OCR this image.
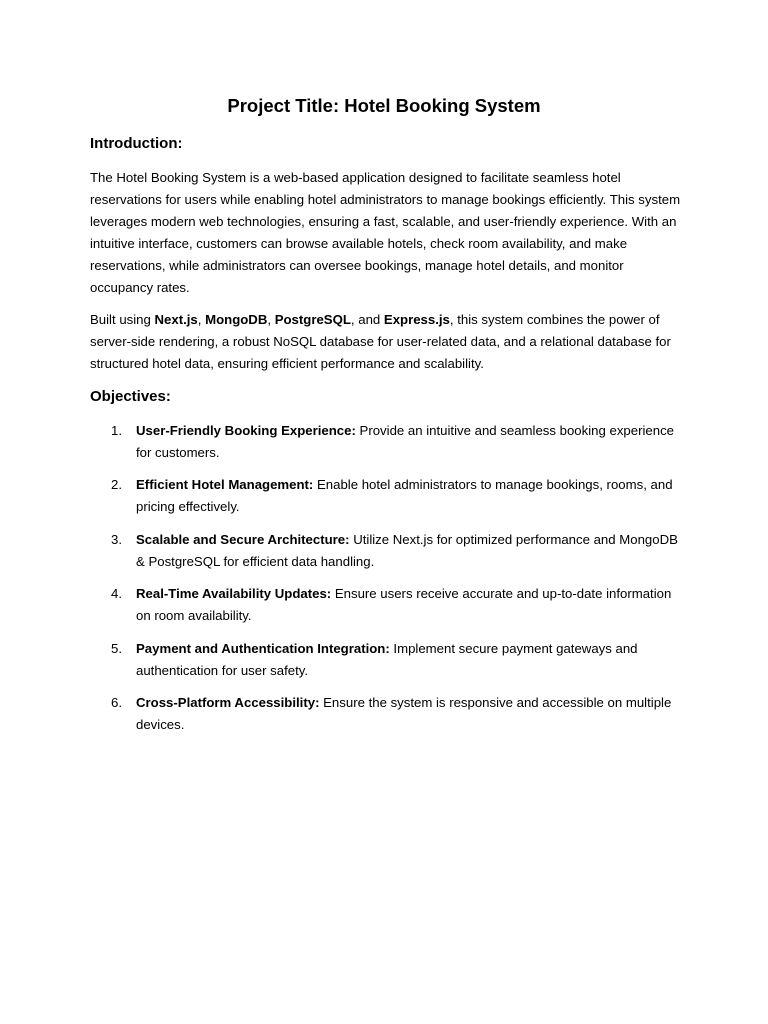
Project Title: Hotel Booking System
Introduction:

The Hotel Booking System is a web-based application designed to facilitate seamless hotel reservations for users while enabling hotel administrators to manage bookings efficiently. This system leverages modern web technologies, ensuring a fast, scalable, and user-friendly experience. With an intuitive interface, customers can browse available hotels, check room availability, and make reservations, while administrators can oversee bookings, manage hotel details, and monitor occupancy rates.

Built using Next.js, MongoDB, PostgreSQL, and Express.js, this system combines the power of server-side rendering, a robust NoSQL database for user-related data, and a relational database for structured hotel data, ensuring efficient performance and scalability.

Objectives:
1. User-Friendly Booking Experience: Provide an intuitive and seamless booking experience for customers.
2. Efficient Hotel Management: Enable hotel administrators to manage bookings, rooms, and pricing effectively.
3. Scalable and Secure Architecture: Utilize Next.js for optimized performance and MongoDB & PostgreSQL for efficient data handling.
4. Real-Time Availability Updates: Ensure users receive accurate and up-to-date information on room availability.
5. Payment and Authentication Integration: Implement secure payment gateways and authentication for user safety.
6. Cross-Platform Accessibility: Ensure the system is responsive and accessible on multiple devices.
